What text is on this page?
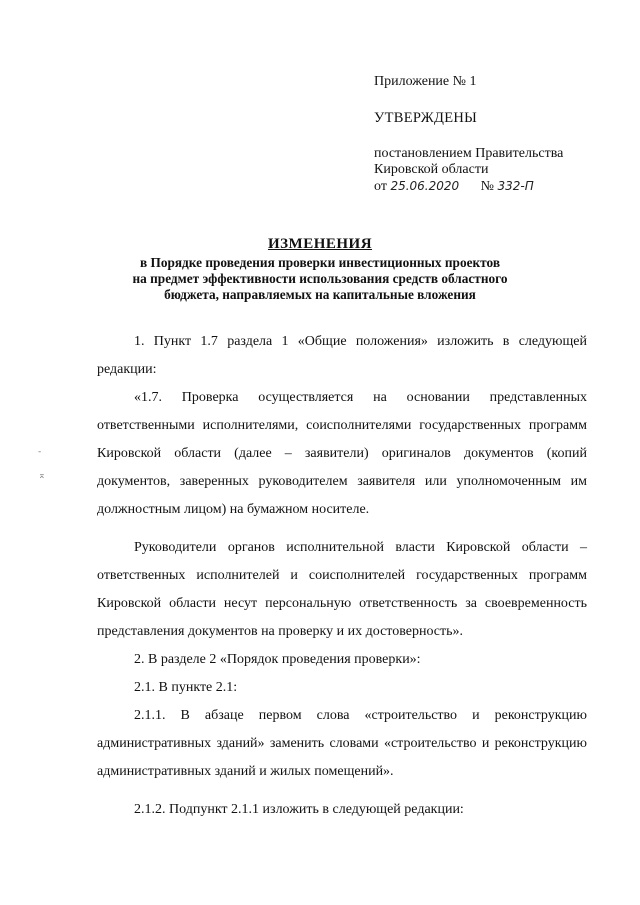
Приложение № 1

УТВЕРЖДЕНЫ

постановлением Правительства

Кировской области

от 25.06.2020 № 332-П

ИЗМЕНЕНИЯ

в Порядке проведения проверки инвестиционных проектов

на предмет эффективности использования средств областного

бюджета, направляемых на капитальные вложения

1. Пункт 1.7 раздела 1 «Общие положения» изложить в следующей редакции:

«1.7. Проверка осуществляется на основании представленных ответственными исполнителями, соисполнителями государственных программ Кировской области (далее – заявители) оригиналов документов (копий документов, заверенных руководителем заявителя или уполномоченным им должностным лицом) на бумажном носителе.

Руководители органов исполнительной власти Кировской области – ответственных исполнителей и соисполнителей государственных программ Кировской области несут персональную ответственность за своевременность представления документов на проверку и их достоверность».

2. В разделе 2 «Порядок проведения проверки»:

2.1. В пункте 2.1:

2.1.1. В абзаце первом слова «строительство и реконструкцию административных зданий» заменить словами «строительство и реконструкцию административных зданий и жилых помещений».

2.1.2. Подпункт 2.1.1 изложить в следующей редакции:

-
⌅
